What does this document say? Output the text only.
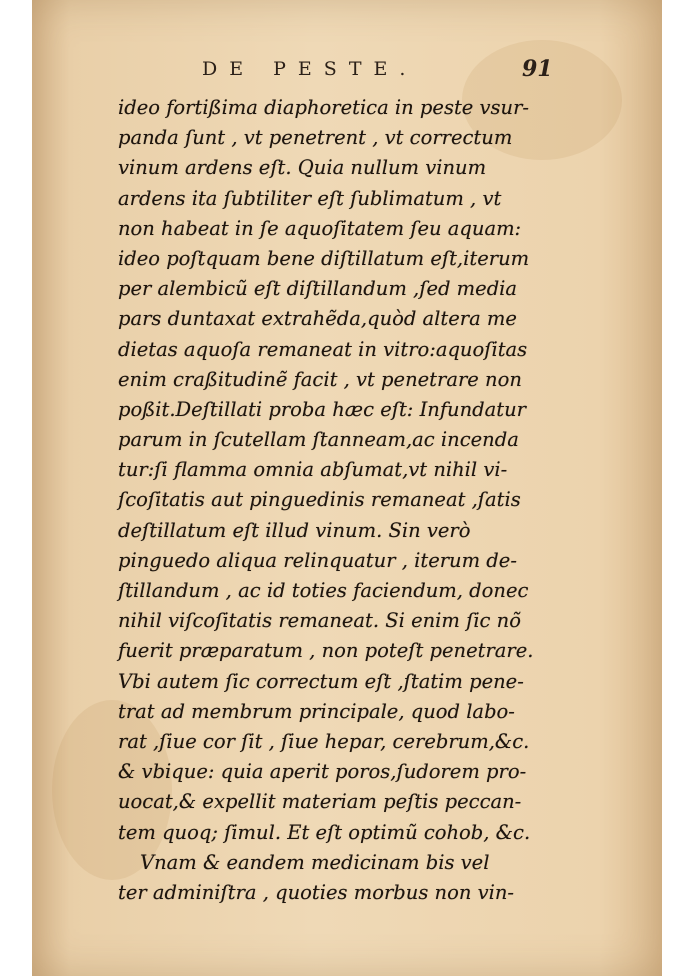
DE PESTE.	91
ideo fortißima diaphoretica in peste vsur-
panda ſunt , vt penetrent , vt correctum
vinum ardens eſt. Quia nullum vinum
ardens ita ſubtiliter eſt ſublimatum , vt
non habeat in ſe aquoſitatem ſeu aquam:
ideo poſtquam bene diſtillatum eſt,iterum
per alembicũ eſt diſtillandum ,ſed media
pars duntaxat extrahẽda,quòd altera me
dietas aquoſa remaneat in vitro:aquoſitas
enim craßitudinẽ facit , vt penetrare non
poßit.Deſtillati proba hæc eſt: Infundatur
parum in ſcutellam ſtanneam,ac incenda
tur:ſi flamma omnia abſumat,vt nihil vi-
ſcoſitatis aut pinguedinis remaneat ,ſatis
deſtillatum eſt illud vinum. Sin verò
pinguedo aliqua relinquatur , iterum de-
ſtillandum , ac id toties faciendum, donec
nihil viſcoſitatis remaneat. Si enim ſic nõ
fuerit præparatum , non poteſt penetrare.
Vbi autem ſic correctum eſt ,ſtatim pene-
trat ad membrum principale, quod labo-
rat ,ſiue cor ſit , ſiue hepar, cerebrum,&c.
& vbique: quia aperit poros,ſudorem pro-
uocat,& expellit materiam peſtis peccan-
tem quoq; ſimul. Et eſt optimũ cohob, &c.
Vnam & eandem medicinam bis vel
ter adminiſtra , quoties morbus non vin-
